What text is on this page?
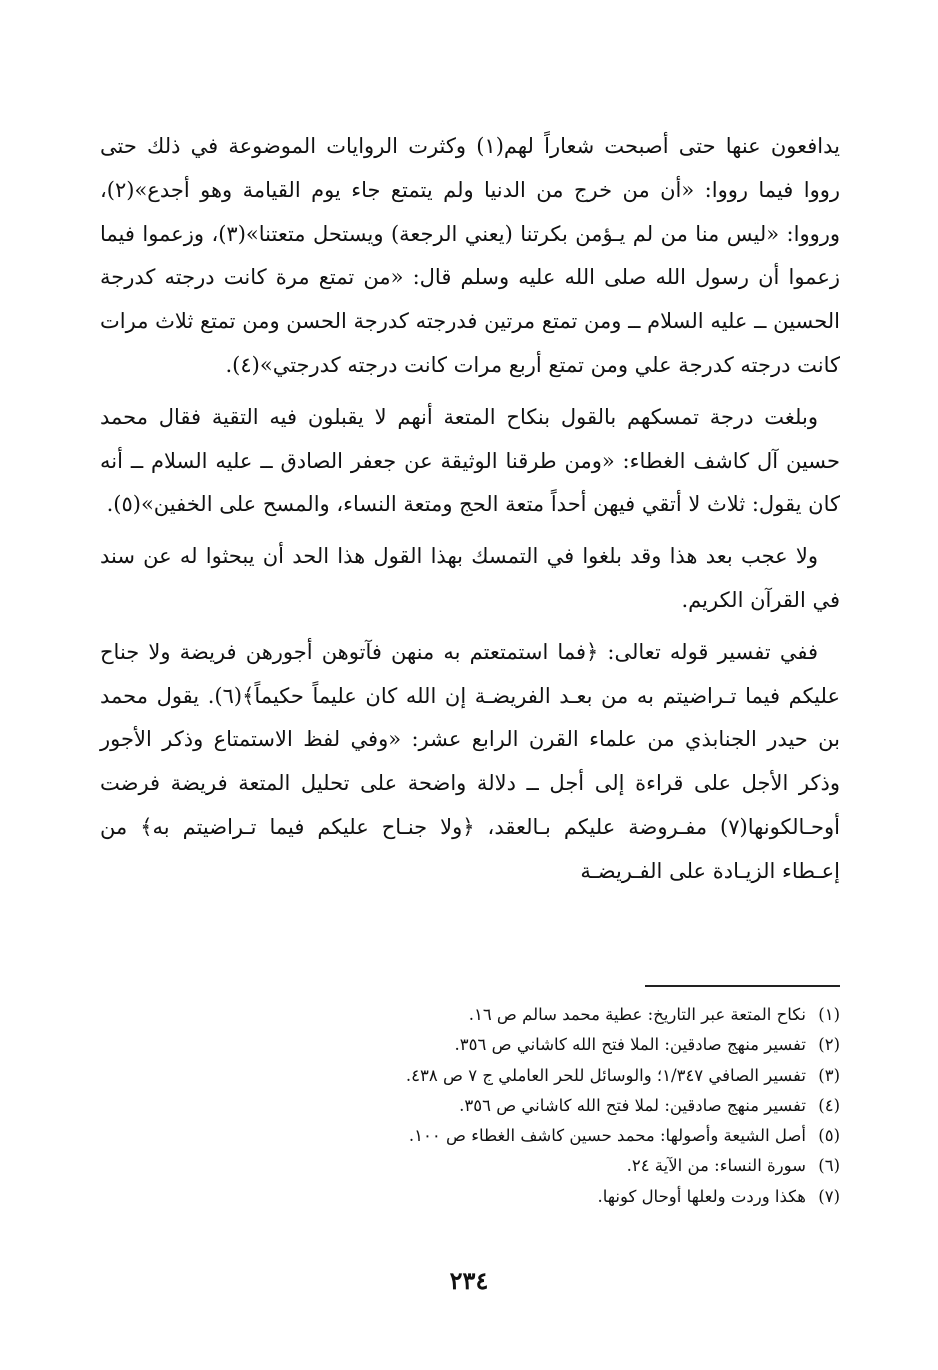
يدافعون عنها حتى أصبحت شعاراً لهم(١) وكثرت الروايات الموضوعة في ذلك حتى رووا فيما رووا: «أن من خرج من الدنيا ولم يتمتع جاء يوم القيامة وهو أجدع»(٢)، ورووا: «ليس منا من لم يـؤمن بكرتنا (يعني الرجعة) ويستحل متعتنا»(٣)، وزعموا فيما زعموا أن رسول الله صلى الله عليه وسلم قال: «من تمتع مرة كانت درجته كدرجة الحسين ــ عليه السلام ــ ومن تمتع مرتين فدرجته كدرجة الحسن ومن تمتع ثلاث مرات كانت درجته كدرجة علي ومن تمتع أربع مرات كانت درجته كدرجتي»(٤).

وبلغت درجة تمسكهم بالقول بنكاح المتعة أنهم لا يقبلون فيه التقية فقال محمد حسين آل كاشف الغطاء: «ومن طرقنا الوثيقة عن جعفر الصادق ــ عليه السلام ــ أنه كان يقول: ثلاث لا أتقي فيهن أحداً متعة الحج ومتعة النساء، والمسح على الخفين»(٥).

ولا عجب بعد هذا وقد بلغوا في التمسك بهذا القول هذا الحد أن يبحثوا له عن سند في القرآن الكريم.

ففي تفسير قوله تعالى: ﴿فما استمتعتم به منهن فآتوهن أجورهن فريضة ولا جناح عليكم فيما تـراضيتم به من بعـد الفريضـة إن الله كان عليماً حكيماً﴾(٦). يقول محمد بن حيدر الجنابذي من علماء القرن الرابع عشر: «وفي لفظ الاستمتاع وذكر الأجور وذكر الأجل على قراءة إلى أجل ــ دلالة واضحة على تحليل المتعة فريضة فرضت أوحـالكونها(٧) مفـروضة عليكم بـالعقد، ﴿ولا جنـاح عليكم فيما تـراضيتم به﴾ من إعـطاء الزيـادة على الفـريضـة

(١)نكاح المتعة عبر التاريخ: عطية محمد سالم ص ١٦.
(٢)تفسير منهج صادقين: الملا فتح الله كاشاني ص ٣٥٦.
(٣)تفسير الصافي ١/٣٤٧؛ والوسائل للحر العاملي ج ٧ ص ٤٣٨.
(٤)تفسير منهج صادقين: لملا فتح الله كاشاني ص ٣٥٦.
(٥)أصل الشيعة وأصولها: محمد حسين كاشف الغطاء ص ١٠٠.
(٦)سورة النساء: من الآية ٢٤.
(٧)هكذا وردت ولعلها أوحال كونها.
٢٣٤
